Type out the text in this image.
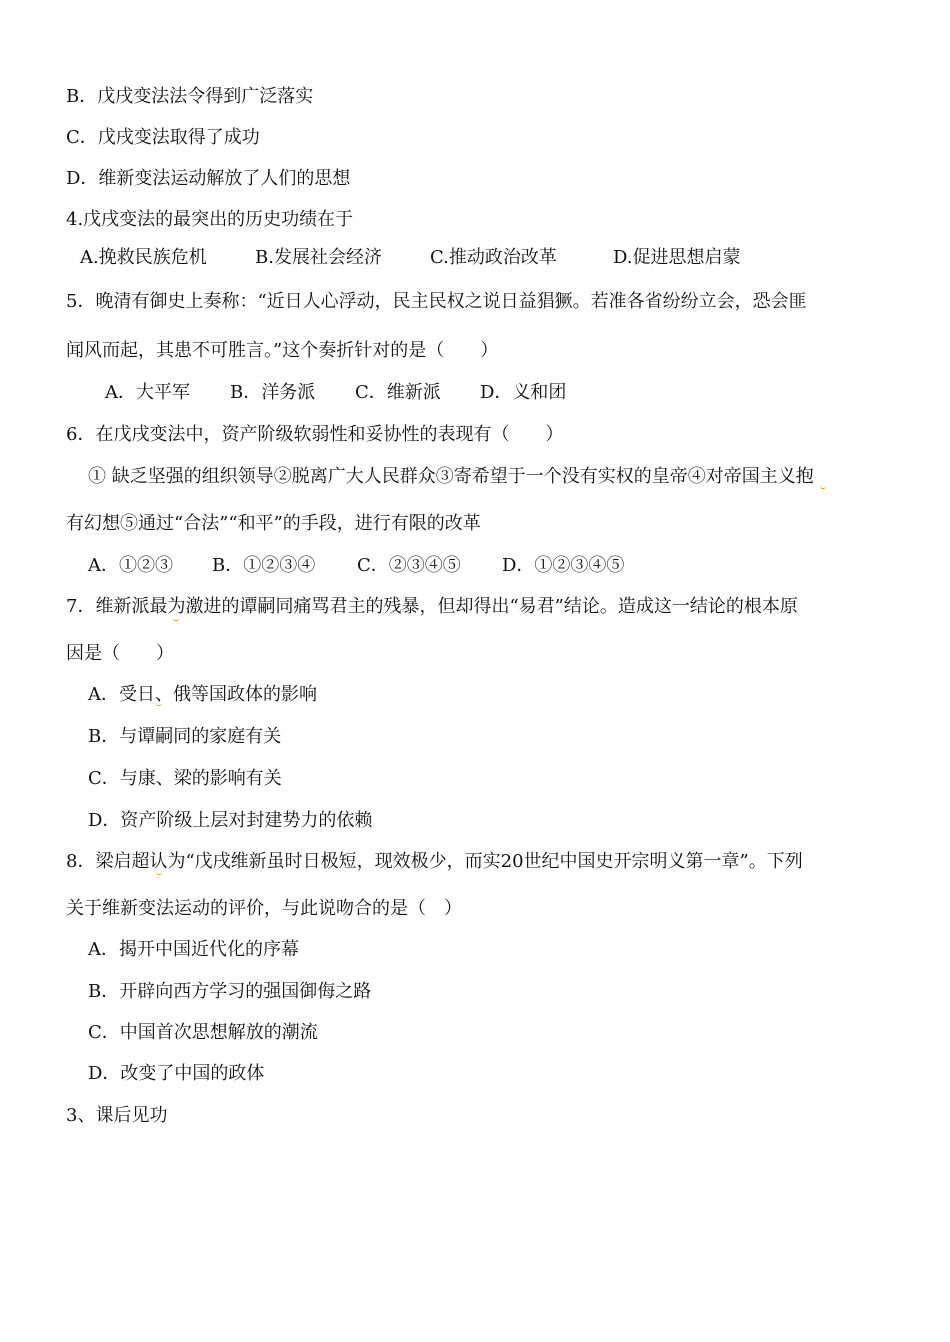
B．戊戌变法法令得到广泛落实
C．戊戌变法取得了成功
D．维新变法运动解放了人们的思想
4.戊戌变法的最突出的历史功绩在于
A.挽救民族危机	B.发展社会经济	C.推动政治改革	D.促进思想启蒙
5．晚清有御史上奏称：“近日人心浮动，民主民权之说日益猖獗。若准各省纷纷立会，恐会匪
闻风而起，其患不可胜言。”这个奏折针对的是（　　）
A．大平军 B．洋务派 C．维新派 D．义和团
6．在戊戌变法中，资产阶级软弱性和妥协性的表现有（　　）
① 缺乏坚强的组织领导②脱离广大人民群众③寄希望于一个没有实权的皇帝④对帝国主义抱
有幻想⑤通过“合法”“和平”的手段，进行有限的改革
A．①②③ B．①②③④ C．②③④⑤ D．①②③④⑤
7．维新派最为激进的谭嗣同痛骂君主的残暴，但却得出“易君”结论。造成这一结论的根本原
因是（　　）
A．受日、俄等国政体的影响
B．与谭嗣同的家庭有关
C．与康、梁的影响有关
D．资产阶级上层对封建势力的依赖
8．梁启超认为“戊戌维新虽时日极短，现效极少，而实20世纪中国史开宗明义第一章”。下列
关于维新变法运动的评价，与此说吻合的是（　）
A．揭开中国近代化的序幕
B．开辟向西方学习的强国御侮之路
C．中国首次思想解放的潮流
D．改变了中国的政体
3、课后见功
